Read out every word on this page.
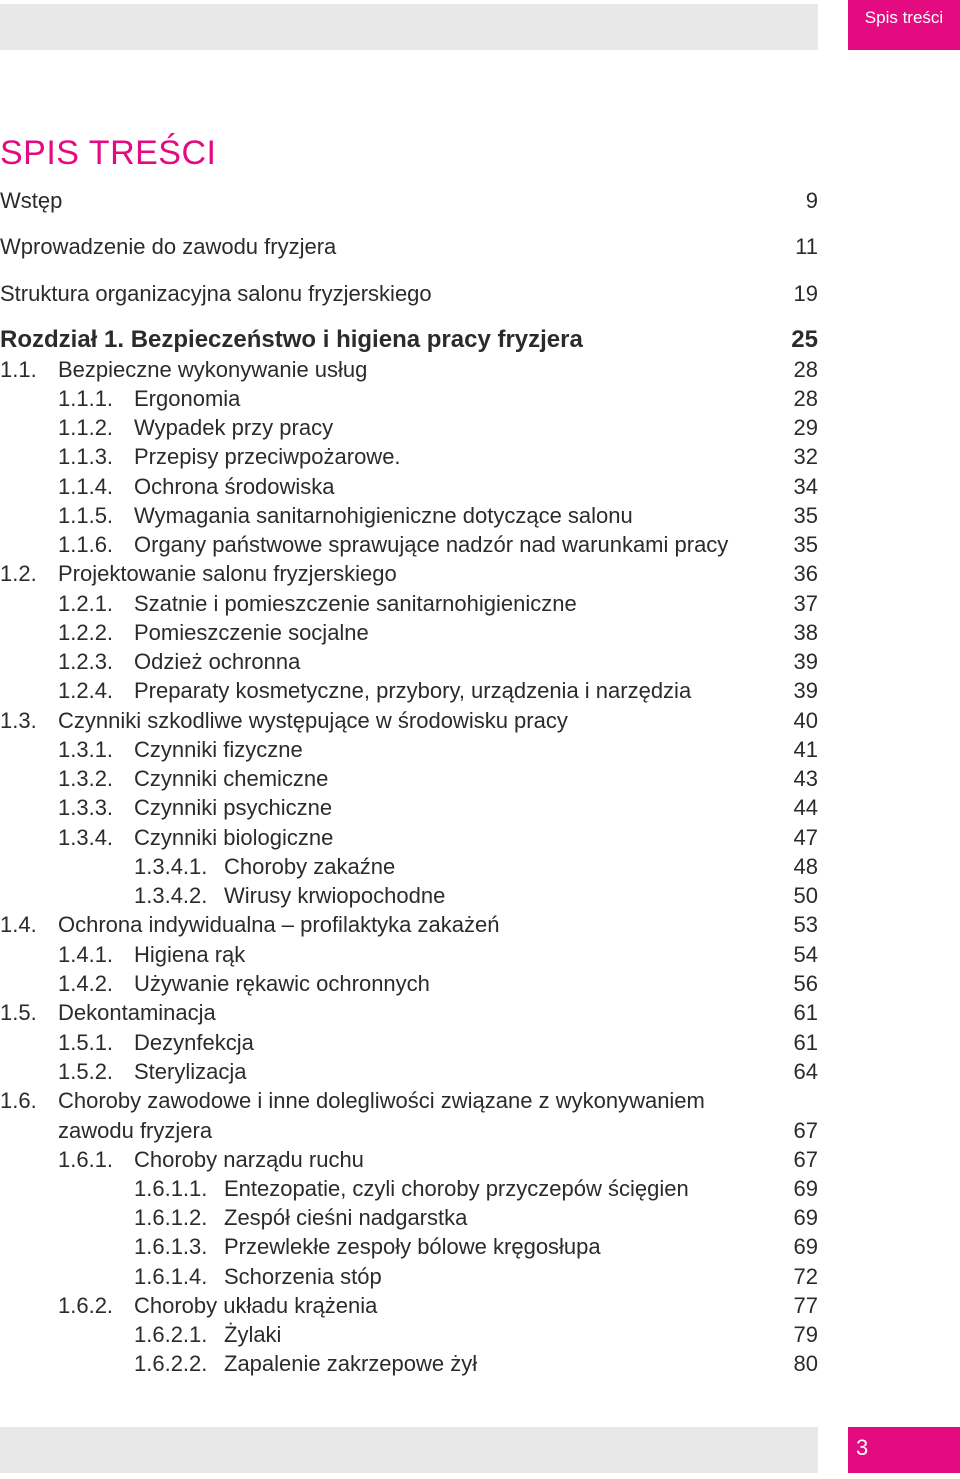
Spis treści
SPIS TREŚCI
Wstęp	9
Wprowadzenie do zawodu fryzjera	11
Struktura organizacyjna salonu fryzjerskiego	19
Rozdział 1. Bezpieczeństwo i higiena pracy fryzjera	25
1.1. Bezpieczne wykonywanie usług	28
1.1.1. Ergonomia	28
1.1.2. Wypadek przy pracy	29
1.1.3. Przepisy przeciwpożarowe.	32
1.1.4. Ochrona środowiska	34
1.1.5. Wymagania sanitarnohigieniczne dotyczące salonu	35
1.1.6. Organy państwowe sprawujące nadzór nad warunkami pracy	35
1.2. Projektowanie salonu fryzjerskiego	36
1.2.1. Szatnie i pomieszczenie sanitarnohigieniczne	37
1.2.2. Pomieszczenie socjalne	38
1.2.3. Odzież ochronna	39
1.2.4. Preparaty kosmetyczne, przybory, urządzenia i narzędzia	39
1.3. Czynniki szkodliwe występujące w środowisku pracy	40
1.3.1. Czynniki fizyczne	41
1.3.2. Czynniki chemiczne	43
1.3.3. Czynniki psychiczne	44
1.3.4. Czynniki biologiczne	47
1.3.4.1. Choroby zakaźne	48
1.3.4.2. Wirusy krwiopochodne	50
1.4. Ochrona indywidualna – profilaktyka zakażeń	53
1.4.1. Higiena rąk	54
1.4.2. Używanie rękawic ochronnych	56
1.5. Dekontaminacja	61
1.5.1. Dezynfekcja	61
1.5.2. Sterylizacja	64
1.6. Choroby zawodowe i inne dolegliwości związane z wykonywaniem
zawodu fryzjera	67
1.6.1. Choroby narządu ruchu	67
1.6.1.1. Entezopatie, czyli choroby przyczepów ścięgien	69
1.6.1.2. Zespół cieśni nadgarstka	69
1.6.1.3. Przewlekłe zespoły bólowe kręgosłupa	69
1.6.1.4. Schorzenia stóp	72
1.6.2. Choroby układu krążenia	77
1.6.2.1. Żylaki	79
1.6.2.2. Zapalenie zakrzepowe żył	80
3
